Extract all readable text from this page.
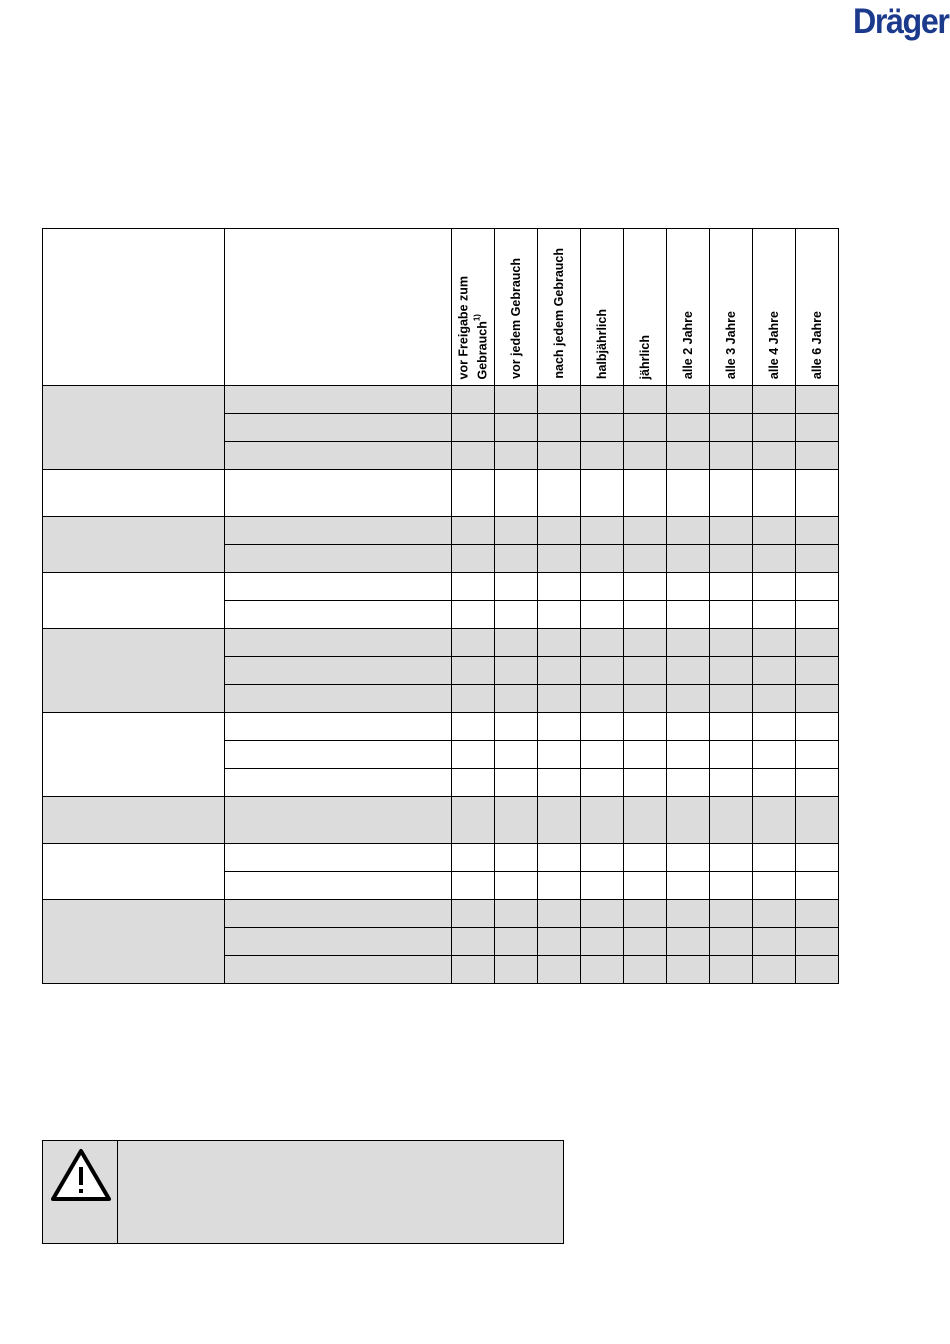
Dräger

		vor Freigabe zum Gebrauch$^{1)}$	vor jedem Gebrauch	nach jedem Gebrauch	halbjährlich	jährlich	alle 2 Jahre	alle 3 Jahre	alle 4 Jahre	alle 6 Jahre
